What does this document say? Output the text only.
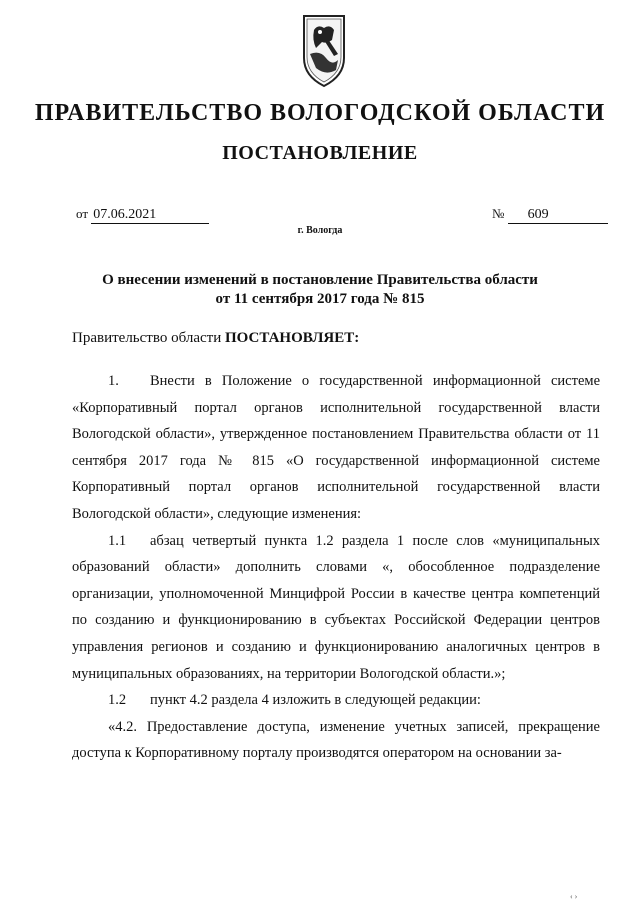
ПРАВИТЕЛЬСТВО ВОЛОГОДСКОЙ ОБЛАСТИ
ПОСТАНОВЛЕНИЕ
от 07.06.2021	№ 609
г. Вологда
О внесении изменений в постановление Правительства области
от 11 сентября 2017 года № 815
Правительство области ПОСТАНОВЛЯЕТ:

1. Внести в Положение о государственной информационной системе «Корпоративный портал органов исполнительной государственной власти Вологодской области», утвержденное постановлением Правительства области от 11 сентября 2017 года № 815 «О государственной информационной системе Корпоративный портал органов исполнительной государственной власти Вологодской области», следующие изменения:

1.1 абзац четвертый пункта 1.2 раздела 1 после слов «муниципальных образований области» дополнить словами «, обособленное подразделение организации, уполномоченной Минцифрой России в качестве центра компетенций по созданию и функционированию в субъектах Российской Федерации центров управления регионов и созданию и функционированию аналогичных центров в муниципальных образованиях, на территории Вологодской области.»;

1.2 пункт 4.2 раздела 4 изложить в следующей редакции:

«4.2. Предоставление доступа, изменение учетных записей, прекращение доступа к Корпоративному порталу производятся оператором на основании за-

‹ ›
